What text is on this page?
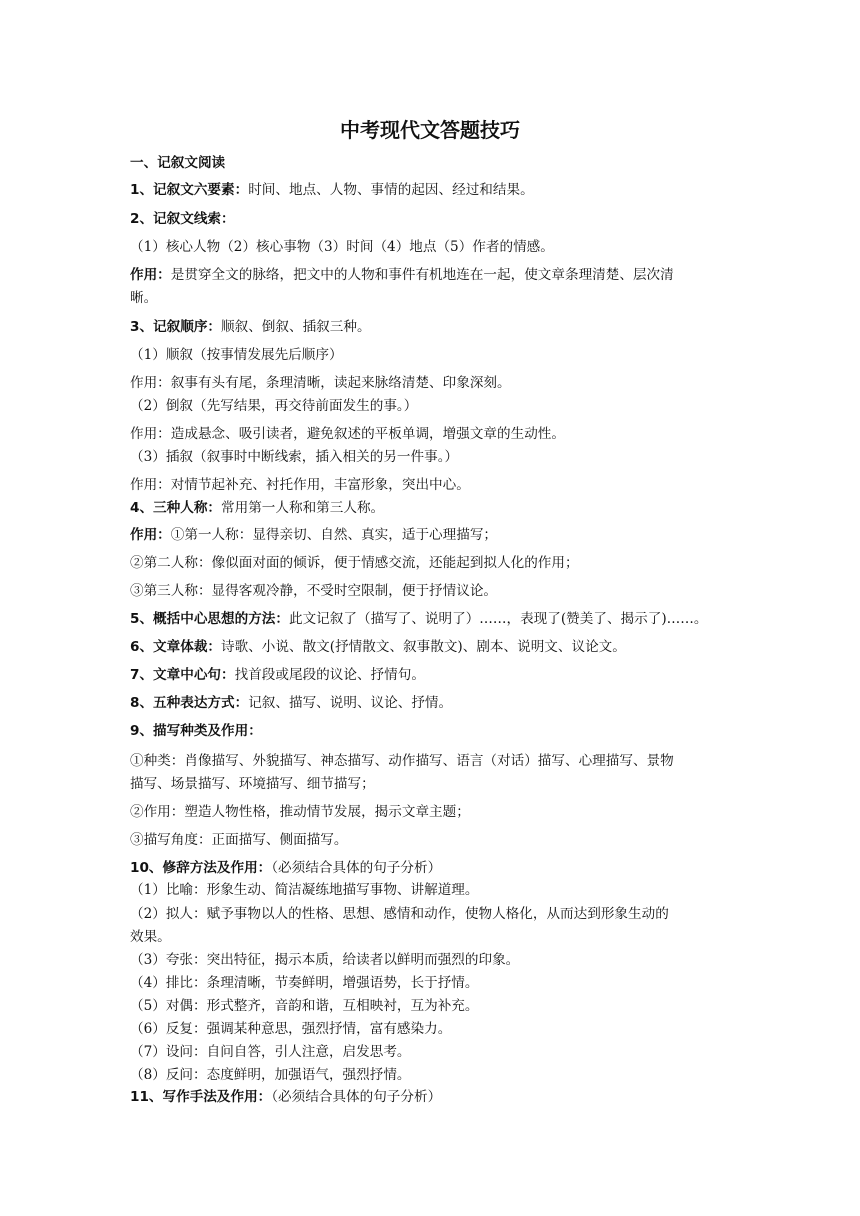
中考现代文答题技巧
一、记叙文阅读
1、记叙文六要素：时间、地点、人物、事情的起因、经过和结果。
2、记叙文线索：
（1）核心人物（2）核心事物（3）时间（4）地点（5）作者的情感。
作用：是贯穿全文的脉络，把文中的人物和事件有机地连在一起，使文章条理清楚、层次清
晰。
3、记叙顺序：顺叙、倒叙、插叙三种。
（1）顺叙（按事情发展先后顺序）
作用：叙事有头有尾，条理清晰，读起来脉络清楚、印象深刻。
（2）倒叙（先写结果，再交待前面发生的事。）
作用：造成悬念、吸引读者，避免叙述的平板单调，增强文章的生动性。
（3）插叙（叙事时中断线索，插入相关的另一件事。）
作用：对情节起补充、衬托作用，丰富形象，突出中心。
4、三种人称：常用第一人称和第三人称。
作用：①第一人称：显得亲切、自然、真实，适于心理描写；
②第二人称：像似面对面的倾诉，便于情感交流，还能起到拟人化的作用；
③第三人称：显得客观冷静，不受时空限制，便于抒情议论。
5、概括中心思想的方法：此文记叙了（描写了、说明了）……，表现了(赞美了、揭示了)……。
6、文章体裁：诗歌、小说、散文(抒情散文、叙事散文)、剧本、说明文、议论文。
7、文章中心句：找首段或尾段的议论、抒情句。
8、五种表达方式：记叙、描写、说明、议论、抒情。
9、描写种类及作用：
①种类：肖像描写、外貌描写、神态描写、动作描写、语言（对话）描写、心理描写、景物
描写、场景描写、环境描写、细节描写；
②作用：塑造人物性格，推动情节发展，揭示文章主题；
③描写角度：正面描写、侧面描写。
10、修辞方法及作用：（必须结合具体的句子分析）
（1）比喻：形象生动、简洁凝练地描写事物、讲解道理。
（2）拟人：赋予事物以人的性格、思想、感情和动作，使物人格化，从而达到形象生动的
效果。
（3）夸张：突出特征，揭示本质，给读者以鲜明而强烈的印象。
（4）排比：条理清晰，节奏鲜明，增强语势，长于抒情。
（5）对偶：形式整齐，音韵和谐，互相映衬，互为补充。
（6）反复：强调某种意思，强烈抒情，富有感染力。
（7）设问：自问自答，引人注意，启发思考。
（8）反问：态度鲜明，加强语气，强烈抒情。
11、写作手法及作用：（必须结合具体的句子分析）
